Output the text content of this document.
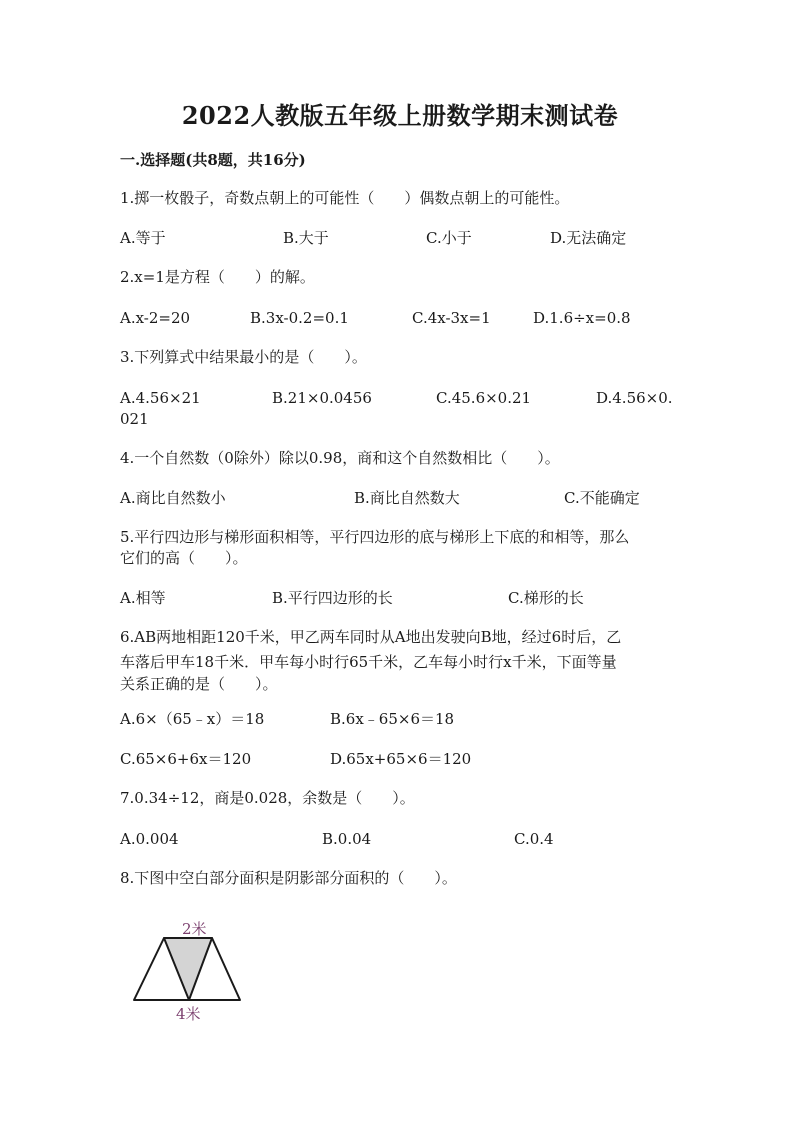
2022人教版五年级上册数学期末测试卷
一.选择题(共8题，共16分)
1.掷一枚骰子，奇数点朝上的可能性（　　）偶数点朝上的可能性。
A.等于	B.大于	C.小于	D.无法确定
2.x=1是方程（　　）的解。
A.x-2=20	B.3x-0.2=0.1	C.4x-3x=1	D.1.6÷x=0.8
3.下列算式中结果最小的是（　　）。
A.4.56×21	B.21×0.0456	C.45.6×0.21	D.4.56×0.
021
4.一个自然数（0除外）除以0.98，商和这个自然数相比（　　）。
A.商比自然数小	B.商比自然数大	C.不能确定
5.平行四边形与梯形面积相等，平行四边形的底与梯形上下底的和相等，那么
它们的高（　　）。
A.相等	B.平行四边形的长	C.梯形的长
6.AB两地相距120千米，甲乙两车同时从A地出发驶向B地，经过6时后，乙
车落后甲车18千米．甲车每小时行65千米，乙车每小时行x千米，下面等量
关系正确的是（　　）。
A.6×（65﹣x）＝18	B.6x﹣65×6＝18
C.65×6+6x＝120	D.65x+65×6＝120
7.0.34÷12，商是0.028，余数是（　　）。
A.0.004	B.0.04	C.0.4
8.下图中空白部分面积是阴影部分面积的（　　）。
2米
4米
